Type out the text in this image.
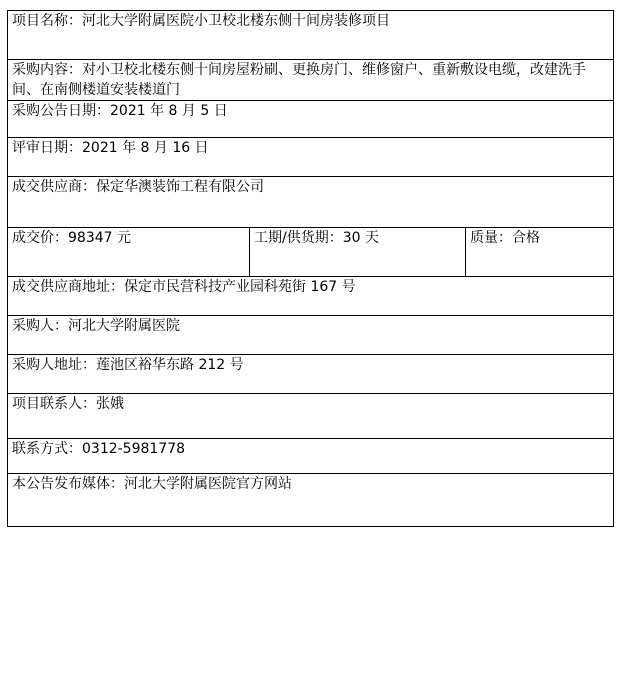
项目名称：河北大学附属医院小卫校北楼东侧十间房装修项目

采购内容：对小卫校北楼东侧十间房屋粉刷、更换房门、维修窗户、重新敷设电缆，改建洗手间、在南侧楼道安装楼道门

采购公告日期：2021 年 8 月 5 日

评审日期：2021 年 8 月 16 日

成交供应商：保定华澳装饰工程有限公司

成交价：98347 元	工期/供货期：30 天	质量：合格

成交供应商地址：保定市民营科技产业园科苑街 167 号

采购人：河北大学附属医院

采购人地址：莲池区裕华东路 212 号

项目联系人：张娥

联系方式：0312-5981778

本公告发布媒体：河北大学附属医院官方网站
